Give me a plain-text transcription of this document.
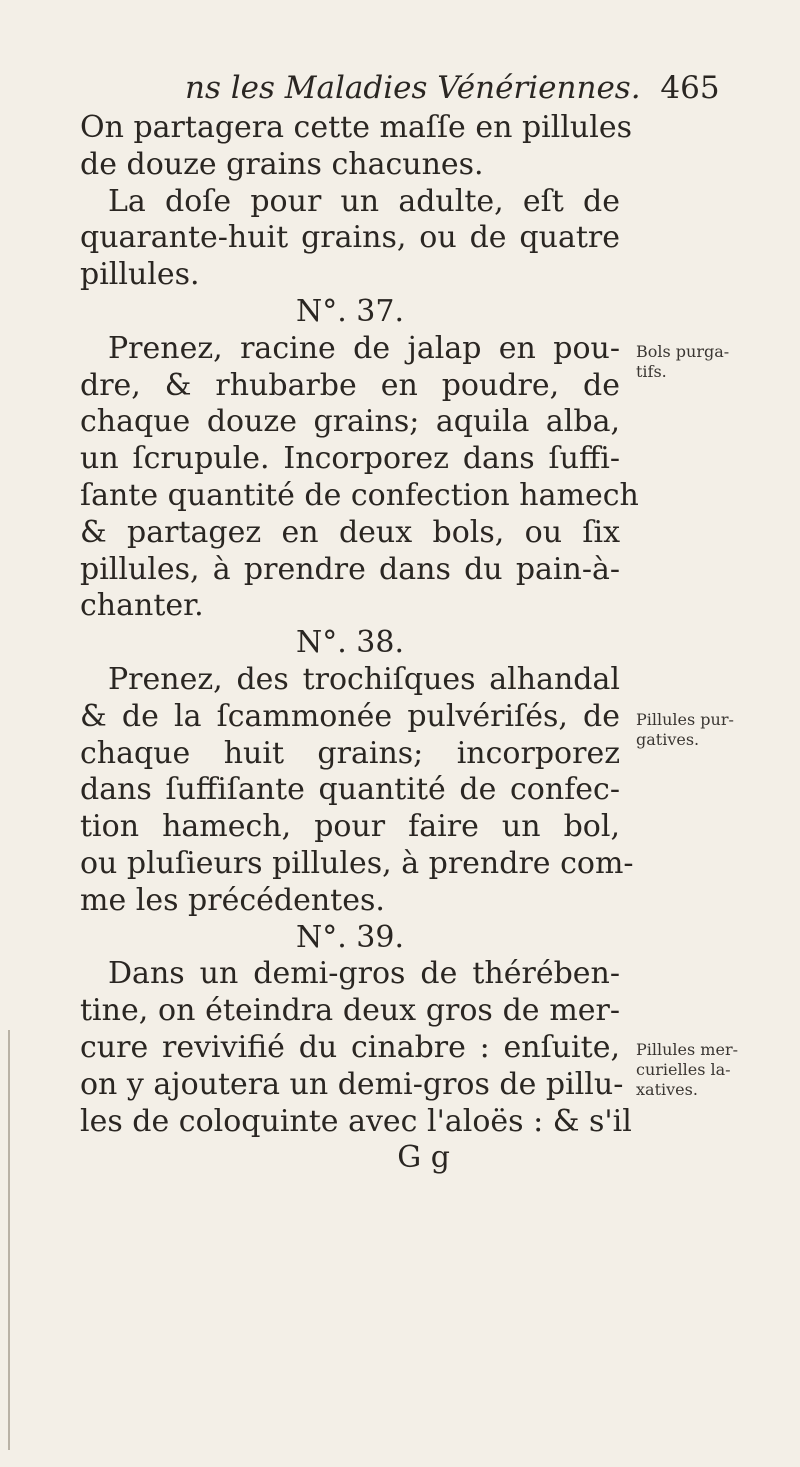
ns les Maladies Vénériennes. 465
On partagera cette maſſe en pillules
de douze grains chacunes.
La doſe pour un adulte, eſt de
quarante-huit grains, ou de quatre
pillules.
N°. 37.
Prenez, racine de jalap en pou-
dre, & rhubarbe en poudre, de
chaque douze grains; aquila alba,
un ſcrupule. Incorporez dans ſuffi-
ſante quantité de confection hamech
& partagez en deux bols, ou ſix
pillules, à prendre dans du pain-à-
chanter.
N°. 38.
Prenez, des trochiſques alhandal
& de la ſcammonée pulvériſés, de
chaque huit grains; incorporez
dans ſuffiſante quantité de confec-
tion hamech, pour faire un bol,
ou pluſieurs pillules, à prendre com-
me les précédentes.
N°. 39.
Dans un demi-gros de thérében-
tine, on éteindra deux gros de mer-
cure revivifié du cinabre : enſuite,
on y ajoutera un demi-gros de pillu-
les de coloquinte avec l'aloës : & s'il
G g
Bols purga-
tifs.
Pillules pur-
gatives.
Pillules mer-
curielles la-
xatives.
